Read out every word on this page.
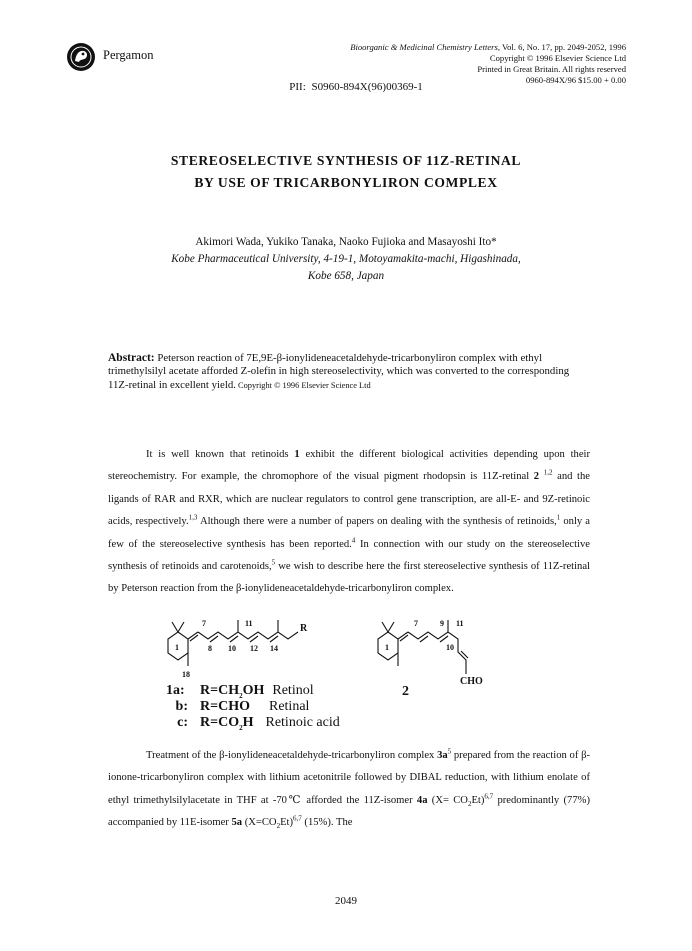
Pergamon
Bioorganic & Medicinal Chemistry Letters, Vol. 6, No. 17, pp. 2049-2052, 1996
Copyright © 1996 Elsevier Science Ltd
Printed in Great Britain. All rights reserved
0960-894X/96 $15.00 + 0.00
PII: S0960-894X(96)00369-1
STEREOSELECTIVE SYNTHESIS OF 11Z-RETINAL
BY USE OF TRICARBONYLIRON COMPLEX
Akimori Wada, Yukiko Tanaka, Naoko Fujioka and Masayoshi Ito*
Kobe Pharmaceutical University, 4-19-1, Motoyamakita-machi, Higashinada,
Kobe 658, Japan
Abstract: Peterson reaction of 7E,9E-β-ionylideneacetaldehyde-tricarbonyliron complex with ethyl trimethylsilyl acetate afforded Z-olefin in high stereoselectivity, which was converted to the corresponding 11Z-retinal in excellent yield. Copyright © 1996 Elsevier Science Ltd

It is well known that retinoids 1 exhibit the different biological activities depending upon their stereochemistry. For example, the chromophore of the visual pigment rhodopsin is 11Z-retinal 2 $^{1,2}$ and the ligands of RAR and RXR, which are nuclear regulators to control gene transcription, are all-E- and 9Z-retinoic acids, respectively.$^{1,3}$ Although there were a number of papers on dealing with the synthesis of retinoids,$^1$ only a few of the stereoselective synthesis has been reported.$^4$ In connection with our study on the stereoselective synthesis of retinoids and carotenoids,$^5$ we wish to describe here the first stereoselective synthesis of 11Z-retinal by Peterson reaction from the β-ionylideneacetaldehyde-tricarbonyliron complex.

1
7
8 10
11
12 14
18
R
1
7	9
10
11
CHO
1a: $R=CH_2OH$ Retinol
b: R=CHO Retinal
c: $R=CO_2H$ Retinoic acid
2

Treatment of the β-ionylideneacetaldehyde-tricarbonyliron complex $3a^5$ prepared from the reaction of β-ionone-tricarbonyliron complex with lithium acetonitrile followed by DIBAL reduction, with lithium enolate of ethyl trimethylsilylacetate in THF at -70℃ afforded the 11Z-isomer 4a $(X= CO_2Et)^{6,7}$ predominantly (77%) accompanied by 11E-isomer 5a $(X=CO_2Et)^{6,7}$ (15%). The

2049
